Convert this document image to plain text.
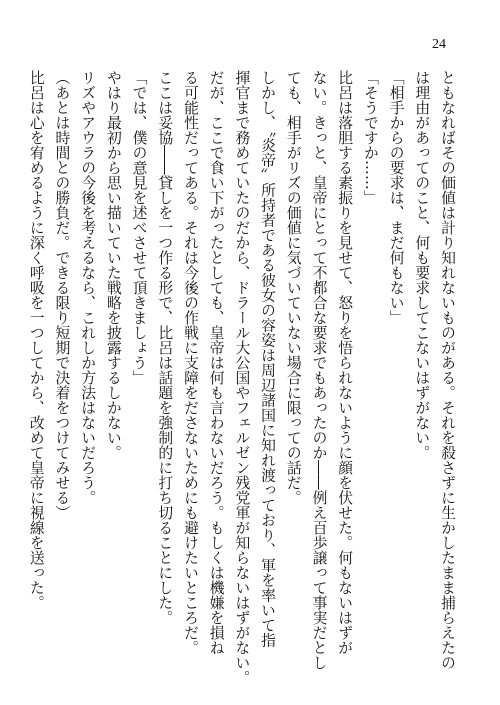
24
ともなればその価値は計り知れないものがある。それを殺さずに生かしたまま捕らえたの
は理由があってのこと、何も要求してこないはずがない。
「相手からの要求は、まだ何もない」
「そうですか……」
比呂は落胆する素振りを見せて、怒りを悟られないように顔を伏せた。何もないはずが
ない。きっと、皇帝にとって不都合な要求でもあったのか――例え百歩譲って事実だとし
ても、相手がリズの価値に気づいていない場合に限っての話だ。
しかし、〝炎帝〟所持者である彼女の容姿は周辺諸国に知れ渡っており、軍を率いて指
揮官まで務めていたのだから、ドラール大公国やフェルゼン残党軍が知らないはずがない。
だが、ここで食い下がったとしても、皇帝は何も言わないだろう。もしくは機嫌を損ね
る可能性だってある。それは今後の作戦に支障をださないためにも避けたいところだ。
ここは妥協――貸しを一つ作る形で、比呂は話題を強制的に打ち切ることにした。
「では、僕の意見を述べさせて頂きましょう」
やはり最初から思い描いていた戦略を披露するしかない。
リズやアウラの今後を考えるなら、これしか方法はないだろう。
（あとは時間との勝負だ。できる限り短期で決着をつけてみせる）
比呂は心を宥めるように深く呼吸を一つしてから、改めて皇帝に視線を送った。
